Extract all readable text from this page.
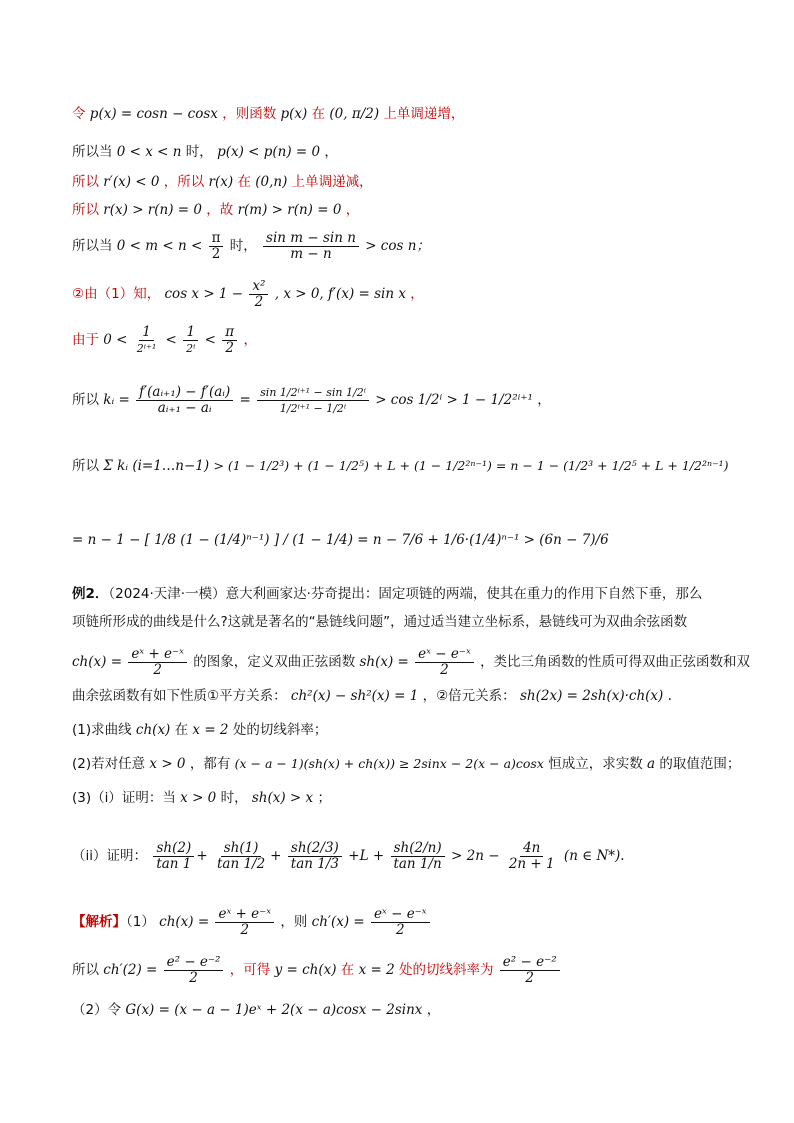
令 p(x) = cosn − cosx ，则函数 p(x) 在 (0, π/2) 上单调递增，
所以当 0 < x < n 时， p(x) < p(n) = 0 ，
所以 r′(x) < 0 ，所以 r(x) 在 (0,n) 上单调递减，
所以 r(x) > r(n) = 0 ，故 r(m) > r(n) = 0 ，
所以当 $0 < m < n < \frac{\pi}{2}$ 时， $\frac{\text{sin m − sin n}}{m - n} > \cos n$；
②由（1）知， $\cos x > 1 - \frac{\text{x²}}{2}$ , x > 0, f′(x) = sin x ，
由于 $0 < \frac{1}{\text{2ⁱ⁺¹}} < \frac{1}{\text{2ⁱ}} < \frac{\pi}{2}$ ，
所以 kᵢ = $\frac{\text{f′(aᵢ₊₁) − f′(aᵢ)}}{\text{aᵢ₊₁ − aᵢ}} = \frac{\text{sin 1/2ⁱ⁺¹ − sin 1/2ⁱ}}{\text{1/2ⁱ⁺¹ − 1/2ⁱ}} > \cos 1/2^i > 1 - 1/2^{2i+1}$ ，
所以 Σ kᵢ (i=1…n−1) > (1 − 1/2³) + (1 − 1/2⁵) + L + (1 − 1/2²ⁿ⁻¹) = n − 1 − (1/2³ + 1/2⁵ + L + 1/2²ⁿ⁻¹)
= n − 1 − [ 1/8 (1 − (1/4)ⁿ⁻¹) ] / (1 − 1/4) = n − 7/6 + 1/6·(1/4)ⁿ⁻¹ > (6n − 7)/6
例2．（2024·天津·一模）意大利画家达·芬奇提出：固定项链的两端，使其在重力的作用下自然下垂，那么
项链所形成的曲线是什么?这就是著名的“悬链线问题”，通过适当建立坐标系，悬链线可为双曲余弦函数
$ch(x) = \frac{\text{eˣ + e⁻ˣ}}{2}$ 的图象，定义双曲正弦函数 $sh(x) = \frac{\text{eˣ − e⁻ˣ}}{2}$ ，类比三角函数的性质可得双曲正弦函数和双
曲余弦函数有如下性质①平方关系： ch²(x) − sh²(x) = 1 ，②倍元关系： sh(2x) = 2sh(x)·ch(x) .
(1)求曲线 ch(x) 在 x = 2 处的切线斜率；
(2)若对任意 x > 0 ，都有 (x − a − 1)(sh(x) + ch(x)) ≥ 2sinx − 2(x − a)cosx 恒成立，求实数 a 的取值范围；
(3)（i）证明：当 x > 0 时， sh(x) > x ；
（ii）证明： $\frac{sh(2)}{\tan 1} + \frac{sh(1)}{\tan 1/2} + \frac{sh(2/3)}{\tan 1/3} +L + \frac{sh(2/n)}{\tan 1/n} > 2n - \frac{4n}{2n + 1} (n$ ∈ N*).
【解析】（1） $ch(x) = \frac{\text{eˣ + e⁻ˣ}}{2}$ ，则 $ch'(x) = \frac{\text{eˣ − e⁻ˣ}}{2}$
所以 $ch'(2) = \frac{\text{e² − e⁻²}}{2}$ ，可得 y = ch(x) 在 x = 2 处的切线斜率为 $\frac{\text{e² − e⁻²}}{2}$
（2）令 G(x) = (x − a − 1)eˣ + 2(x − a)cosx − 2sinx ，
